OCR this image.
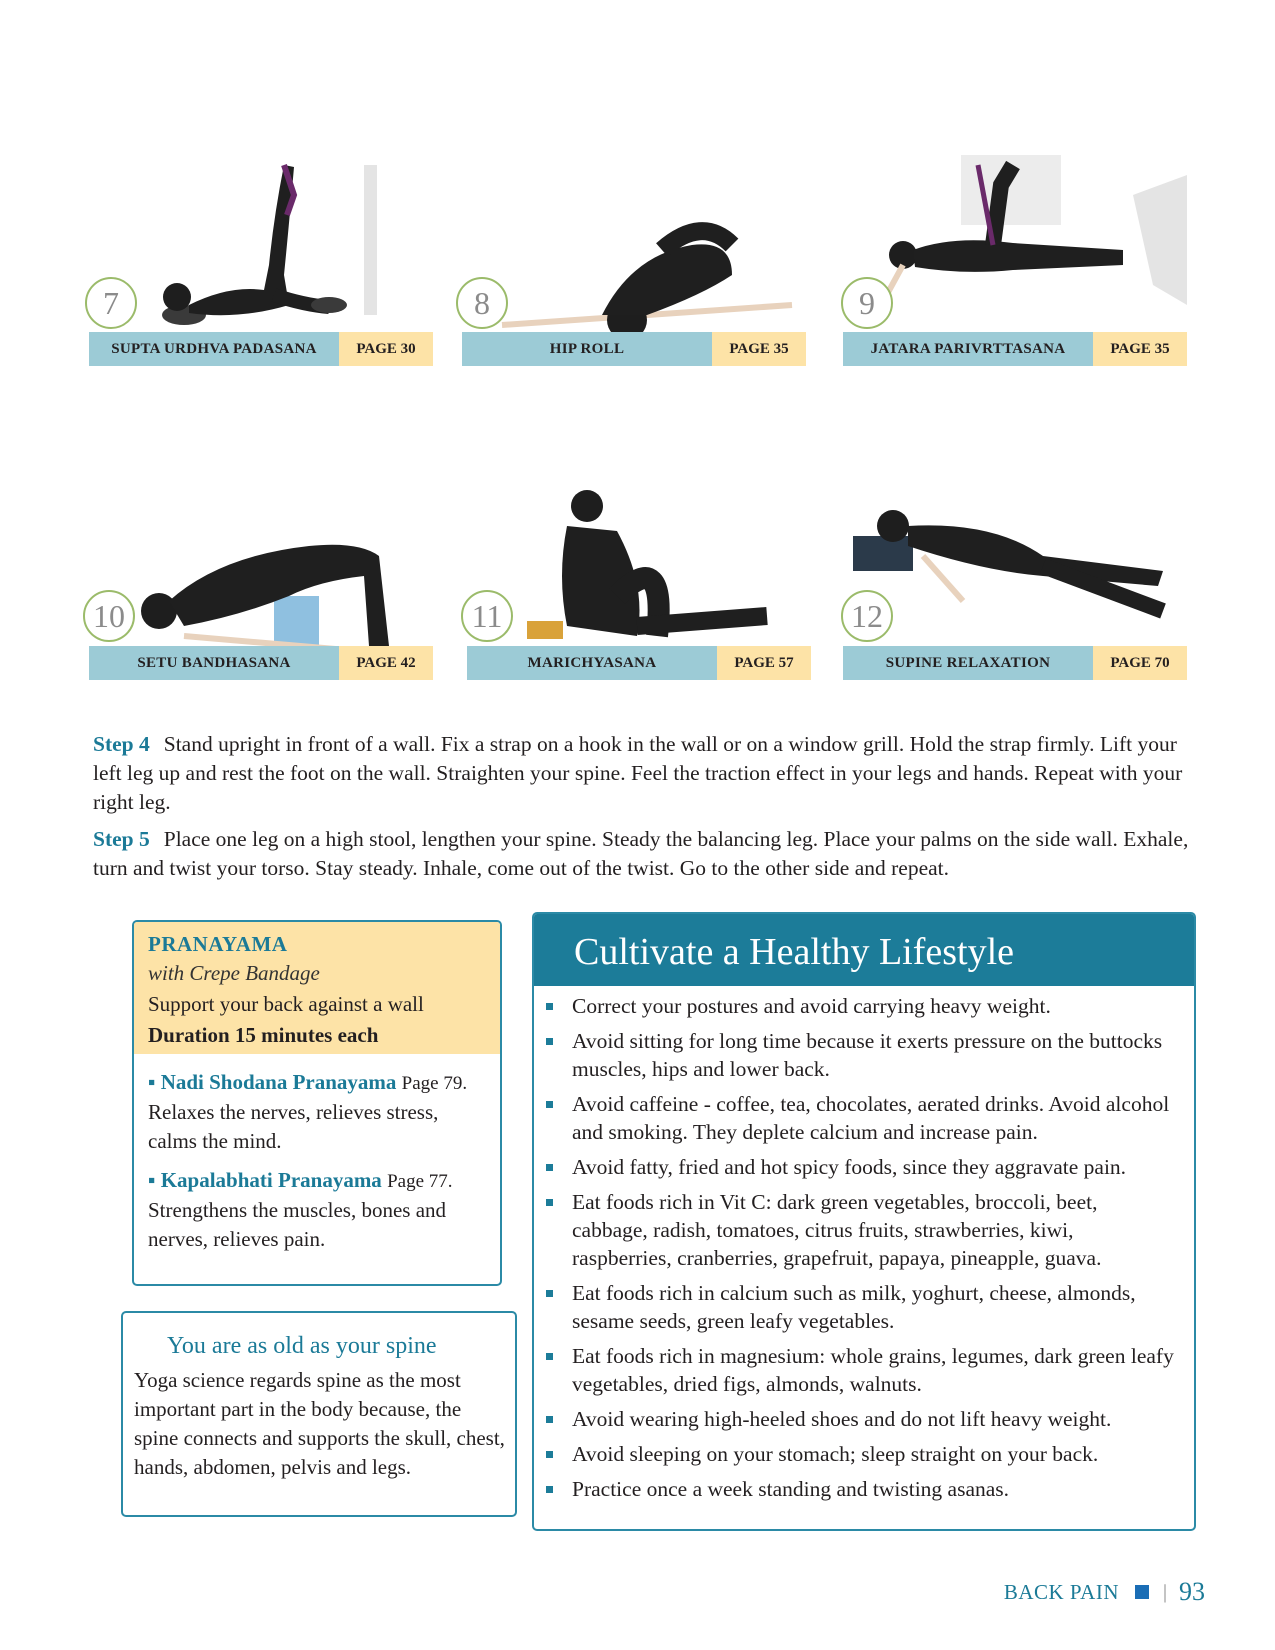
7
SUPTA URDHVA PADASANA	PAGE 30
8
HIP ROLL	PAGE 35
9
JATARA PARIVRTTASANA	PAGE 35
10
SETU BANDHASANA	PAGE 42
11
MARICHYASANA	PAGE 57
12
SUPINE RELAXATION	PAGE 70

Step 4 Stand upright in front of a wall. Fix a strap on a hook in the wall or on a window grill. Hold the strap firmly. Lift your left leg up and rest the foot on the wall. Straighten your spine. Feel the traction effect in your legs and hands. Repeat with your right leg.

Step 5 Place one leg on a high stool, lengthen your spine. Steady the balancing leg. Place your palms on the side wall. Exhale, turn and twist your torso. Stay steady. Inhale, come out of the twist. Go to the other side and repeat.

PRANAYAMA
with Crepe Bandage
Support your back against a wall
Duration 15 minutes each
▪ Nadi Shodana Pranayama Page 79.
Relaxes the nerves, relieves stress, calms the mind.
▪ Kapalabhati Pranayama Page 77.
Strengthens the muscles, bones and nerves, relieves pain.
You are as old as your spine
Yoga science regards spine as the most important part in the body because, the spine connects and supports the skull, chest, hands, abdomen, pelvis and legs.
Cultivate a Healthy Lifestyle
Correct your postures and avoid carrying heavy weight.
Avoid sitting for long time because it exerts pressure on the buttocks muscles, hips and lower back.
Avoid caffeine - coffee, tea, chocolates, aerated drinks. Avoid alcohol and smoking. They deplete calcium and increase pain.
Avoid fatty, fried and hot spicy foods, since they aggravate pain.
Eat foods rich in Vit C: dark green vegetables, broccoli, beet, cabbage, radish, tomatoes, citrus fruits, strawberries, kiwi, raspberries, cranberries, grapefruit, papaya, pineapple, guava.
Eat foods rich in calcium such as milk, yoghurt, cheese, almonds, sesame seeds, green leafy vegetables.
Eat foods rich in magnesium: whole grains, legumes, dark green leafy vegetables, dried figs, almonds, walnuts.
Avoid wearing high-heeled shoes and do not lift heavy weight.
Avoid sleeping on your stomach; sleep straight on your back.
Practice once a week standing and twisting asanas.
BACK PAIN | 93
